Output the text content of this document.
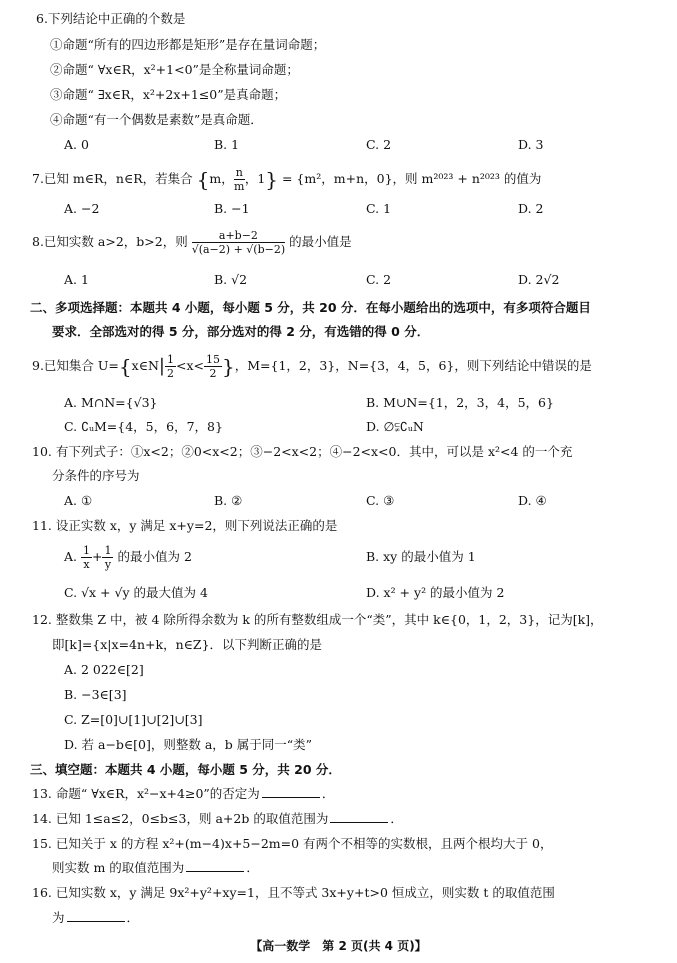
6.下列结论中正确的个数是
①命题“所有的四边形都是矩形”是存在量词命题；
②命题“ ∀x∈R，x²+1<0”是全称量词命题；
③命题“ ∃x∈R，x²+2x+1≤0”是真命题；
④命题“有一个偶数是素数”是真命题．
A. 0	B. 1	C. 2	D. 3
7.已知 m∈R，n∈R，若集合 {m， $\frac{n}{m}$ ，1} = {m²，m+n，0}，则 m²⁰²³ + n²⁰²³ 的值为
A. −2	B. −1	C. 1	D. 2
8.已知实数 a>2，b>2，则 $\frac{a+b-2}{√(a-2) + √(b-2)}$ 的最小值是
A. 1	B. √2	C. 2	D. 2√2
二、多项选择题：本题共 4 小题，每小题 5 分，共 20 分．在每小题给出的选项中，有多项符合题目
要求．全部选对的得 5 分，部分选对的得 2 分，有选错的得 0 分．
9.已知集合 U={x∈N| $\frac{1}{2} <x< \frac{15}{2}$ }，M={1，2，3}，N={3，4，5，6}，则下列结论中错误的是
A. M∩N={√3}	B. M∪N={1，2，3，4，5，6}
C. ∁ᵤM={4，5，6，7，8}	D. ∅⫋∁ᵤN
10. 有下列式子：①x<2；②0<x<2；③−2<x<2；④−2<x<0．其中，可以是 x²<4 的一个充
分条件的序号为
A. ①	B. ②	C. ③	D. ④
11. 设正实数 x，y 满足 x+y=2，则下列说法正确的是
A. $\frac{1}{x} + \frac{1}{y}$ 的最小值为 2	B. xy 的最小值为 1
C. √x + √y 的最大值为 4	D. x² + y² 的最小值为 2
12. 整数集 Z 中，被 4 除所得余数为 k 的所有整数组成一个“类”，其中 k∈{0，1，2，3}，记为[k]，
即[k]={x|x=4n+k，n∈Z}．以下判断正确的是
A. 2 022∈[2]
B. −3∈[3]
C. Z=[0]∪[1]∪[2]∪[3]
D. 若 a−b∈[0]，则整数 a，b 属于同一“类”
三、填空题：本题共 4 小题，每小题 5 分，共 20 分．
13. 命题“ ∀x∈R，x²−x+4≥0”的否定为	．
14. 已知 1≤a≤2，0≤b≤3，则 a+2b 的取值范围为	．
15. 已知关于 x 的方程 x²+(m−4)x+5−2m=0 有两个不相等的实数根，且两个根均大于 0，
则实数 m 的取值范围为	．
16. 已知实数 x，y 满足 9x²+y²+xy=1，且不等式 3x+y+t>0 恒成立，则实数 t 的取值范围
为	．
【高一数学　第 2 页(共 4 页)】
